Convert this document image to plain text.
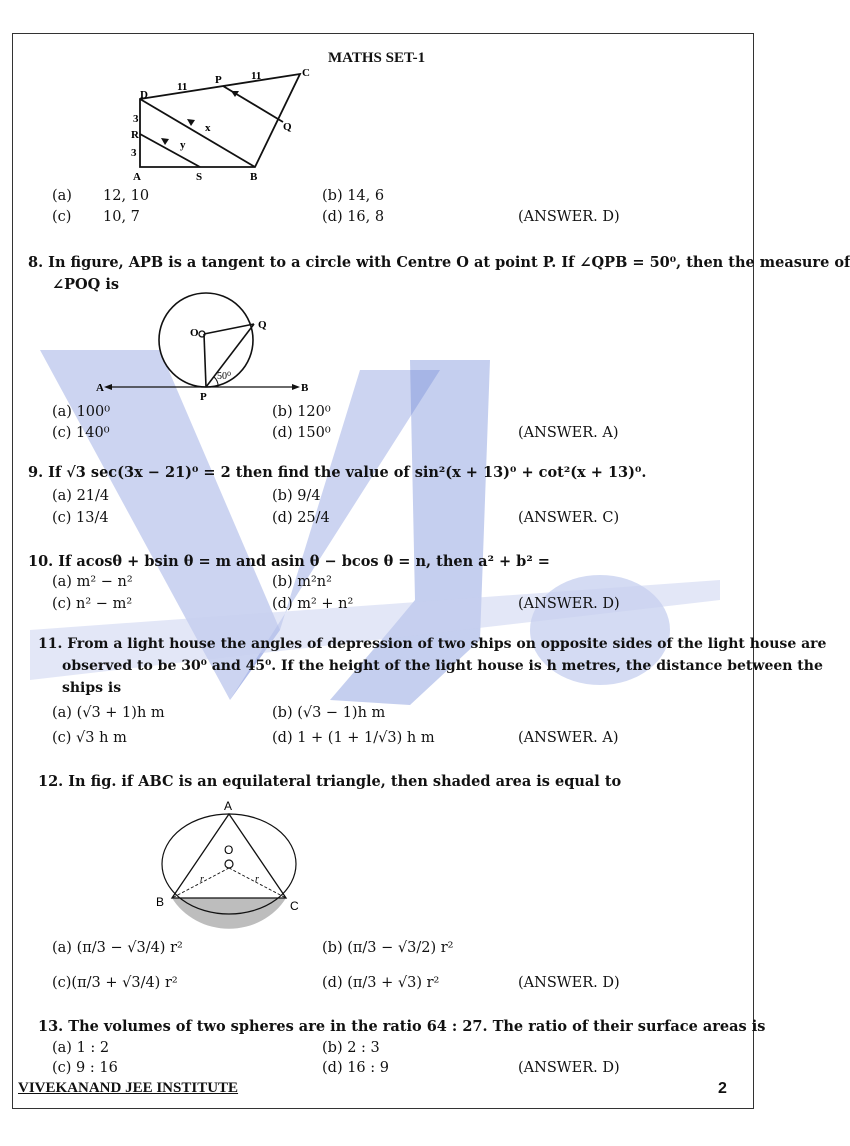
MATHS SET-1
D
P
C
11
11
3
R
3
A	S	B
Q
x
y
(a) 12, 10	(b) 14, 6
(c) 10, 7	(d) 16, 8	(ANSWER. D)
8. In figure, APB is a tangent to a circle with Centre O at point P. If ∠QPB = 50⁰, then the measure of
∠POQ is
O
Q
50⁰
A
P
B
(a) 100⁰	(b) 120⁰
(c) 140⁰	(d) 150⁰	(ANSWER. A)
9. If √3 sec(3x − 21)⁰ = 2 then find the value of sin²(x + 13)⁰ + cot²(x + 13)⁰.
(a) 21/4	(b) 9/4
(c) 13/4	(d) 25/4	(ANSWER. C)
10. If acosθ + bsin θ = m and asin θ − bcos θ = n, then a² + b² =
(a) m² − n²	(b) m²n²
(c) n² − m²	(d) m² + n²	(ANSWER. D)
11. From a light house the angles of depression of two ships on opposite sides of the light house are
observed to be 30⁰ and 45⁰. If the height of the light house is h metres, the distance between the
ships is
(a) (√3 + 1)h m	(b) (√3 − 1)h m
(c) √3 h m	(d) 1 + (1 + 1/√3) h m	(ANSWER. A)
12. In fig. if ABC is an equilateral triangle, then shaded area is equal to
A
O
r	r
B	C
(a) (π/3 − √3/4) r²	(b) (π/3 − √3/2) r²
(c)(π/3 + √3/4) r²	(d) (π/3 + √3) r²	(ANSWER. D)
13. The volumes of two spheres are in the ratio 64 : 27. The ratio of their surface areas is
(a) 1 : 2	(b) 2 : 3
(c) 9 : 16	(d) 16 : 9	(ANSWER. D)
VIVEKANAND JEE INSTITUTE	2
